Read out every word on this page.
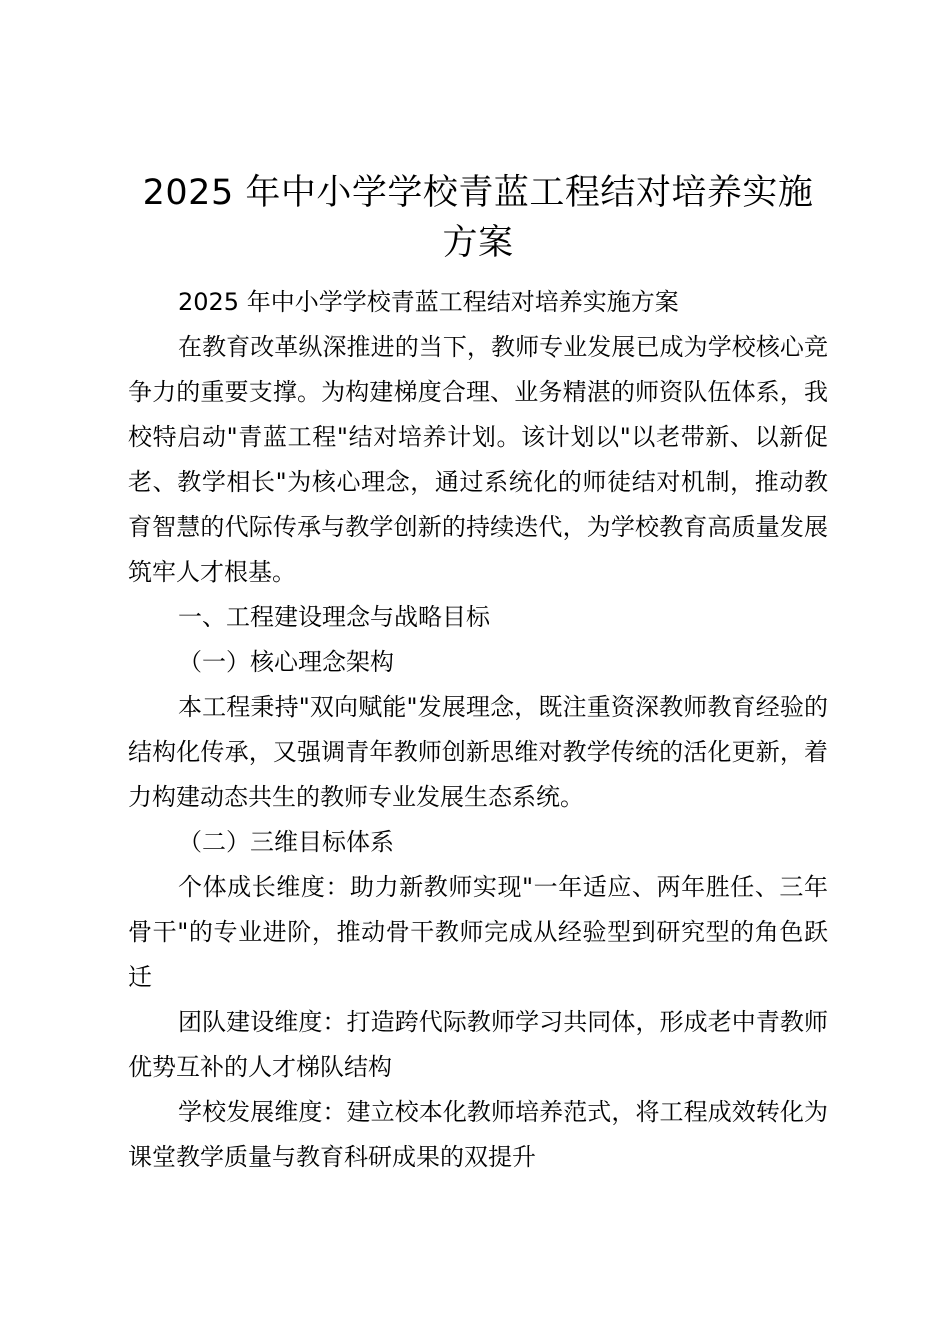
2025 年中小学学校青蓝工程结对培养实施方案

2025 年中小学学校青蓝工程结对培养实施方案

在教育改革纵深推进的当下，教师专业发展已成为学校核心竞争力的重要支撑。为构建梯度合理、业务精湛的师资队伍体系，我校特启动"青蓝工程"结对培养计划。该计划以"以老带新、以新促老、教学相长"为核心理念，通过系统化的师徒结对机制，推动教育智慧的代际传承与教学创新的持续迭代，为学校教育高质量发展筑牢人才根基。

一、工程建设理念与战略目标

（一）核心理念架构

本工程秉持"双向赋能"发展理念，既注重资深教师教育经验的结构化传承，又强调青年教师创新思维对教学传统的活化更新，着力构建动态共生的教师专业发展生态系统。

（二）三维目标体系

个体成长维度：助力新教师实现"一年适应、两年胜任、三年骨干"的专业进阶，推动骨干教师完成从经验型到研究型的角色跃迁

团队建设维度：打造跨代际教师学习共同体，形成老中青教师优势互补的人才梯队结构

学校发展维度：建立校本化教师培养范式，将工程成效转化为课堂教学质量与教育科研成果的双提升
